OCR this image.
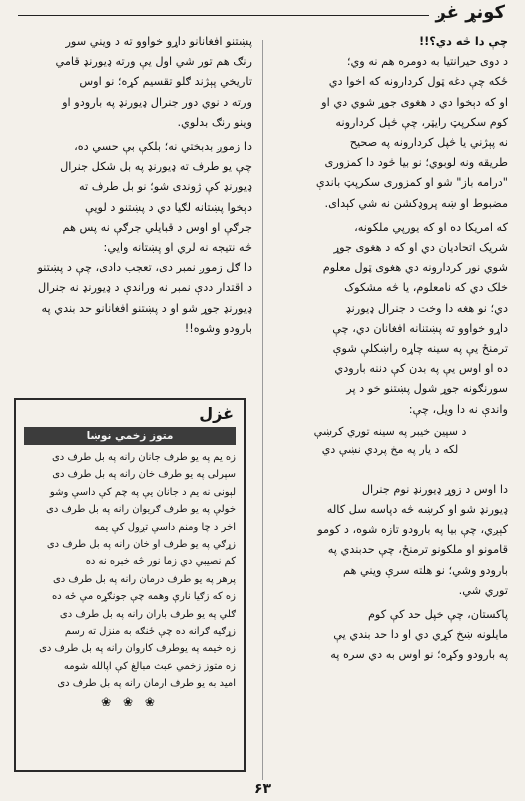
کونړ غږ

چې دا څه دي؟!!

د دوی حیرانتیا به دومره هم نه وي؛

ځکه چې دغه ټول کردارونه که اخوا دي

او که دېخوا دي د هغوی جوړ شوي دي او

کوم سکرپټ رایټر، چې څېل کردارونه

نه پېژني یا څپل کردارونه په صحیح

طریقه ونه لوبوي؛ نو بیا څود دا کمزوری

"درامه باز" شو او کمزوری سکرپټ باندې

مضبوط او ښه پروډکشن نه شي کېدای.

که امریکا ده او که یورپي ملکونه،

شریک اتحادیان دي او که د هغوی جوړ

شوي نور کردارونه دي هغوی ټول معلوم

خلک دي که نامعلوم، یا څه مشکوک

دي؛ نو هغه دا وخت د جنرال ډیورنډ

داړو خواوو ته پښتنانه افغانان دي، چې

ترمنځ يې په سینه چاړه راښکلې شوې

ده او اوس يې په بدن کې دننه بارودي

سورنګونه جوړ شول پښتنو خو د پر

واندې نه دا ویل، چې:

د سپین خیبر په سینه توري کرښې

لکه د یار په مخ پردي نښې دي

دا اوس د زوړ ډیورنډ نوم جنرال

ډیورنډ شو او کرښه څه دپاسه سل کاله

کېږي، چې بیا په بارودو تازه شوه، د کومو

قامونو او ملکونو ترمنځ، چې حدبندي په

بارودو وشي؛ نو هلته سرې ویني هم

توري شي.

پاکستان، چې خپل حد کې کوم

مایلونه ښخ کړي دي او دا حد بندي يې

په بارودو وکړه؛ نو اوس به دي سره په

پښتنو افغانانو داړو خواوو ته د ویني سور

رنګ هم تور شي اول يې ورته ډیورنډ قامي

تاریخي پېژند ګلو تقسیم کړه؛ نو اوس

ورته د نوي دور جنرال ډیورنډ په بارودو او

وینو رنګ بدلوي.

دا زموږ بدبختي نه؛ بلکې بې حسي ده،

چې یو طرف ته ډیورنډ په بل شکل جنرال

ډیورنډ کې ژوندی شو؛ نو بل طرف ته

دېخوا پښتانه لګیا دي د پښتنو د لویې

جرګې او اوس د قبایلي جرګې نه پس هم

څه نتیجه نه لري او پښتانه وایي:

دا ګل زموږ نمبر دی، تعجب دادی، چې د پښتنو

د اقتدار ددې نمبر نه وراندې د ډیورنډ نه جنرال

ډیورنډ جوړ شو او د پښتنو افغانانو حد بندي په

بارودو وشوه!!

غزل
متوز زخمي نوښا

زه یم په یو طرف جانان رانه په بل طرف دی

سپرلی په یو طرف خان رانه په بل طرف دی

لېونی نه یم د جانان یې په چم کې داسې وشو

خولې په یو طرف ګریوان رانه په بل طرف دی

اخر د چا ومنم داسې تږول کې یمه

زړګي په یو طرف او خان رانه په بل طرف دی

کم نصیبي دي زما نور څه خبره نه ده

پرهر په یو طرف درمان رانه په بل طرف دی

زه که زګیا نارې وهمه چې جونګړه مې څه ده

ګلي په یو طرف باران رانه په بل طرف دی

زړګیه ګرانه ده چې ځنګه به منزل ته رسم

زه خیمه په یوطرف کاروان رانه په بل طرف دی

زه متوز زخمي عبث مبالغ کې اپالله شومه

امید به یو طرف ارمان رانه په بل طرف دی

❀ ❀ ❀
۶۳
